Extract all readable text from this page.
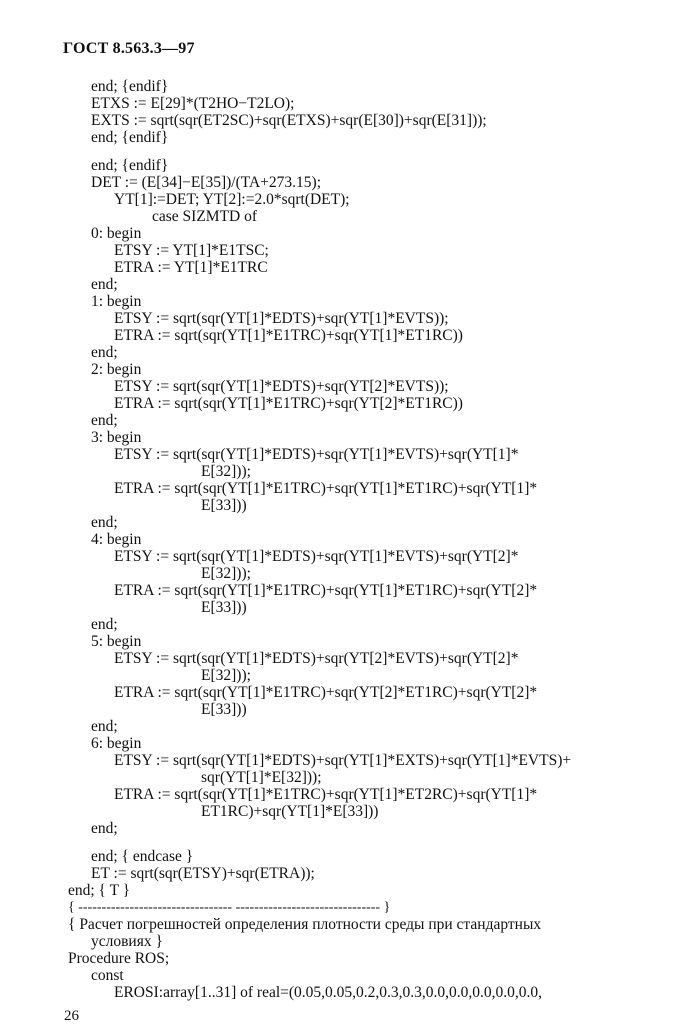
ГОСТ 8.563.3—97
end; {endif}
ETXS := E[29]*(T2HO−T2LO);
EXTS := sqrt(sqr(ET2SC)+sqr(ETXS)+sqr(E[30])+sqr(E[31]));
end; {endif}
end; {endif}
DET := (E[34]−E[35])/(TA+273.15);
YT[1]:=DET; YT[2]:=2.0*sqrt(DET);
case SIZMTD of
0: begin
ETSY := YT[1]*E1TSC;
ETRA := YT[1]*E1TRC
end;
1: begin
ETSY := sqrt(sqr(YT[1]*EDTS)+sqr(YT[1]*EVTS));
ETRA := sqrt(sqr(YT[1]*E1TRC)+sqr(YT[1]*ET1RC))
end;
2: begin
ETSY := sqrt(sqr(YT[1]*EDTS)+sqr(YT[2]*EVTS));
ETRA := sqrt(sqr(YT[1]*E1TRC)+sqr(YT[2]*ET1RC))
end;
3: begin
ETSY := sqrt(sqr(YT[1]*EDTS)+sqr(YT[1]*EVTS)+sqr(YT[1]*
E[32]));
ETRA := sqrt(sqr(YT[1]*E1TRC)+sqr(YT[1]*ET1RC)+sqr(YT[1]*
E[33]))
end;
4: begin
ETSY := sqrt(sqr(YT[1]*EDTS)+sqr(YT[1]*EVTS)+sqr(YT[2]*
E[32]));
ETRA := sqrt(sqr(YT[1]*E1TRC)+sqr(YT[1]*ET1RC)+sqr(YT[2]*
E[33]))
end;
5: begin
ETSY := sqrt(sqr(YT[1]*EDTS)+sqr(YT[2]*EVTS)+sqr(YT[2]*
E[32]));
ETRA := sqrt(sqr(YT[1]*E1TRC)+sqr(YT[2]*ET1RC)+sqr(YT[2]*
E[33]))
end;
6: begin
ETSY := sqrt(sqr(YT[1]*EDTS)+sqr(YT[1]*EXTS)+sqr(YT[1]*EVTS)+
sqr(YT[1]*E[32]));
ETRA := sqrt(sqr(YT[1]*E1TRC)+sqr(YT[1]*ET2RC)+sqr(YT[1]*
ET1RC)+sqr(YT[1]*E[33]))
end;
end; { endcase }
ET := sqrt(sqr(ETSY)+sqr(ETRA));
end; { T }
{ --------------------------------- ------------------------------- }
{ Расчет погрешностей определения плотности среды при стандартных
условиях }
Procedure ROS;
const
EROSI:array[1..31] of real=(0.05,0.05,0.2,0.3,0.3,0.0,0.0,0.0,0.0,0.0,
26
